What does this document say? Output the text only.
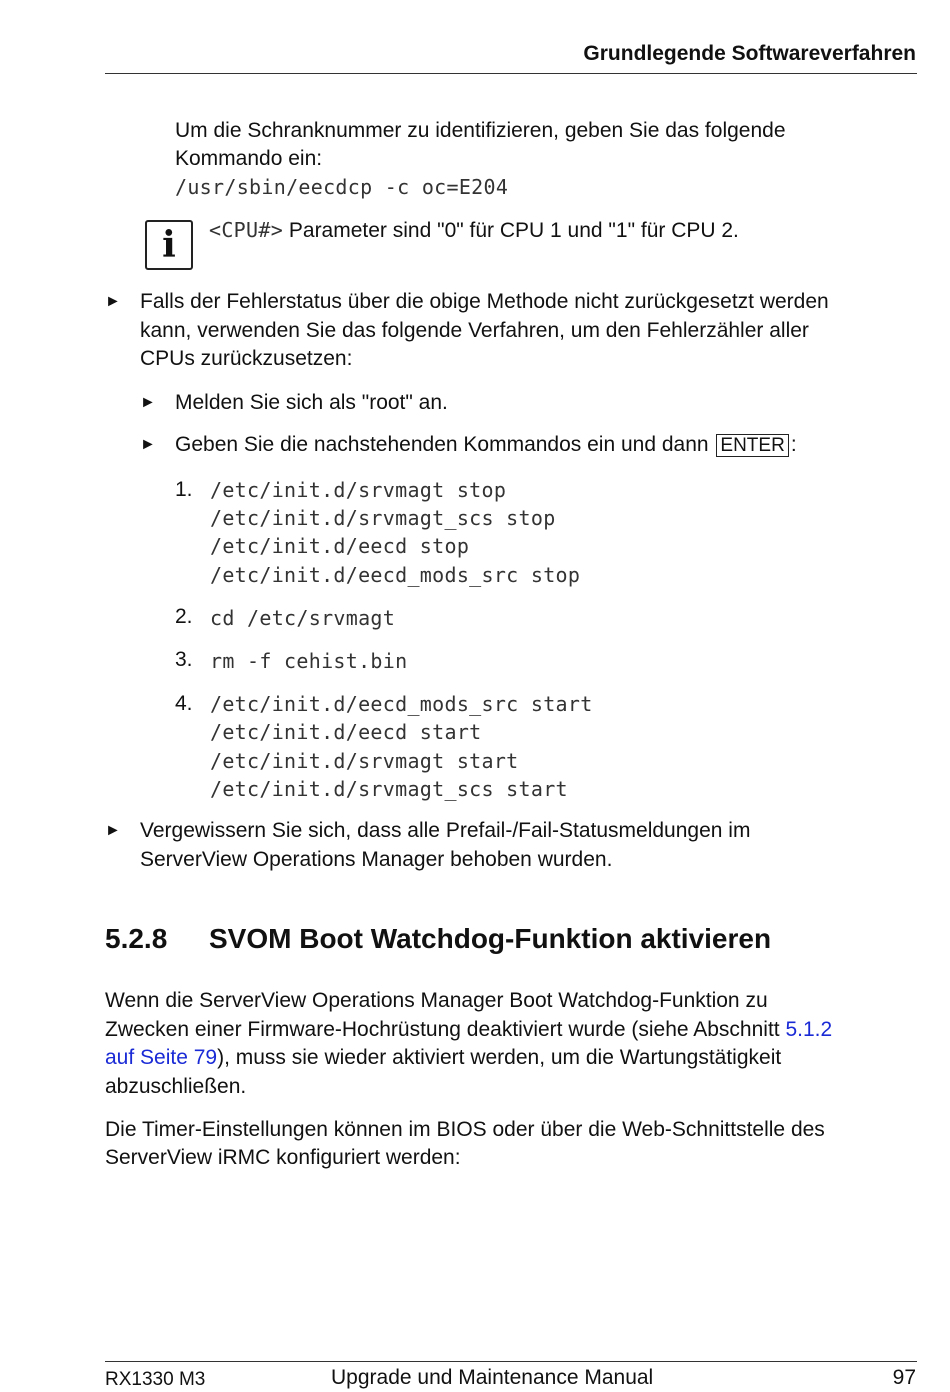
Grundlegende Softwareverfahren
Um die Schranknummer zu identifizieren, geben Sie das folgende
Kommando ein:
/usr/sbin/eecdcp -c oc=E204
i	<CPU#> Parameter sind "0" für CPU 1 und "1" für CPU 2.
► Falls der Fehlerstatus über die obige Methode nicht zurückgesetzt werden
kann, verwenden Sie das folgende Verfahren, um den Fehlerzähler aller
CPUs zurückzusetzen:
► Melden Sie sich als "root" an.
► Geben Sie die nachstehenden Kommandos ein und dann ENTER :
1. /etc/init.d/srvmagt stop
/etc/init.d/srvmagt_scs stop
/etc/init.d/eecd stop
/etc/init.d/eecd_mods_src stop
2. cd /etc/srvmagt
3. rm -f cehist.bin
4. /etc/init.d/eecd_mods_src start
/etc/init.d/eecd start
/etc/init.d/srvmagt start
/etc/init.d/srvmagt_scs start
► Vergewissern Sie sich, dass alle Prefail-/Fail-Statusmeldungen im
ServerView Operations Manager behoben wurden.
5.2.8 SVOM Boot Watchdog-Funktion aktivieren
Wenn die ServerView Operations Manager Boot Watchdog-Funktion zu
Zwecken einer Firmware-Hochrüstung deaktiviert wurde (siehe Abschnitt 5.1.2
auf Seite 79), muss sie wieder aktiviert werden, um die Wartungstätigkeit
abzuschließen.
Die Timer-Einstellungen können im BIOS oder über die Web-Schnittstelle des
ServerView iRMC konfiguriert werden:
RX1330 M3	Upgrade und Maintenance Manual	97
